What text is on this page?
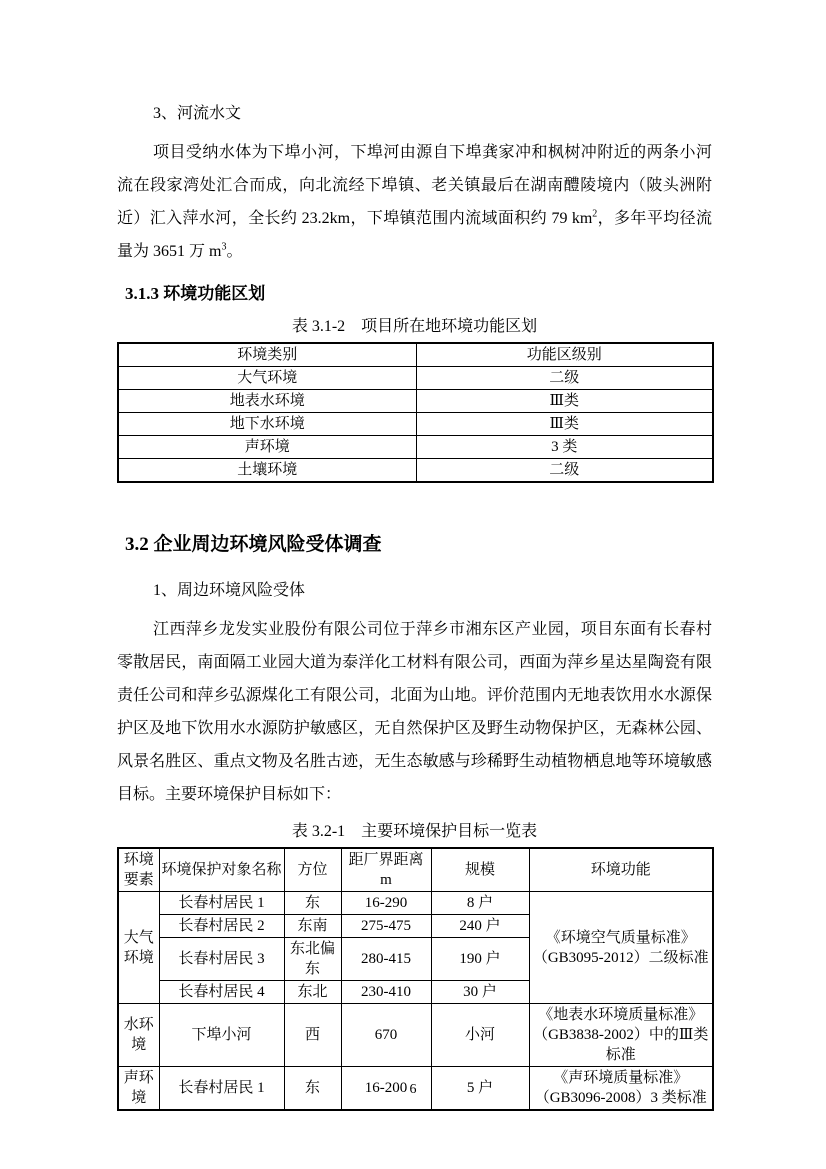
3、河流水文

项目受纳水体为下埠小河，下埠河由源自下埠龚家冲和枫树冲附近的两条小河流在段家湾处汇合而成，向北流经下埠镇、老关镇最后在湖南醴陵境内（陂头洲附近）汇入萍水河，全长约 23.2km，下埠镇范围内流域面积约 79 $km^2$，多年平均径流量为 3651 万 $m^3$。

3.1.3 环境功能区划
表 3.1-2　项目所在地环境功能区划
环境类别	功能区级别
大气环境	二级
地表水环境	Ⅲ类
地下水环境	Ⅲ类
声环境	3 类
土壤环境	二级
3.2 企业周边环境风险受体调查
1、周边环境风险受体

江西萍乡龙发实业股份有限公司位于萍乡市湘东区产业园，项目东面有长春村零散居民，南面隔工业园大道为泰洋化工材料有限公司，西面为萍乡星达星陶瓷有限责任公司和萍乡弘源煤化工有限公司，北面为山地。评价范围内无地表饮用水水源保护区及地下饮用水水源防护敏感区，无自然保护区及野生动物保护区，无森林公园、风景名胜区、重点文物及名胜古迹，无生态敏感与珍稀野生动植物栖息地等环境敏感目标。主要环境保护目标如下：

表 3.2-1　主要环境保护目标一览表
环境要素	环境保护对象名称	方位	距厂界距离 m	规模	环境功能
大气环境	长春村居民 1	东	16-290	8 户	《环境空气质量标准》（GB3095-2012）二级标准
	长春村居民 2	东南	275-475	240 户	
	长春村居民 3	东北偏东	280-415	190 户	
	长春村居民 4	东北	230-410	30 户	
水环境	下埠小河	西	670	小河	《地表水环境质量标准》（GB3838-2002）中的Ⅲ类标准
声环境	长春村居民 1	东	16-200	5 户	《声环境质量标准》（GB3096-2008）3 类标准
6
